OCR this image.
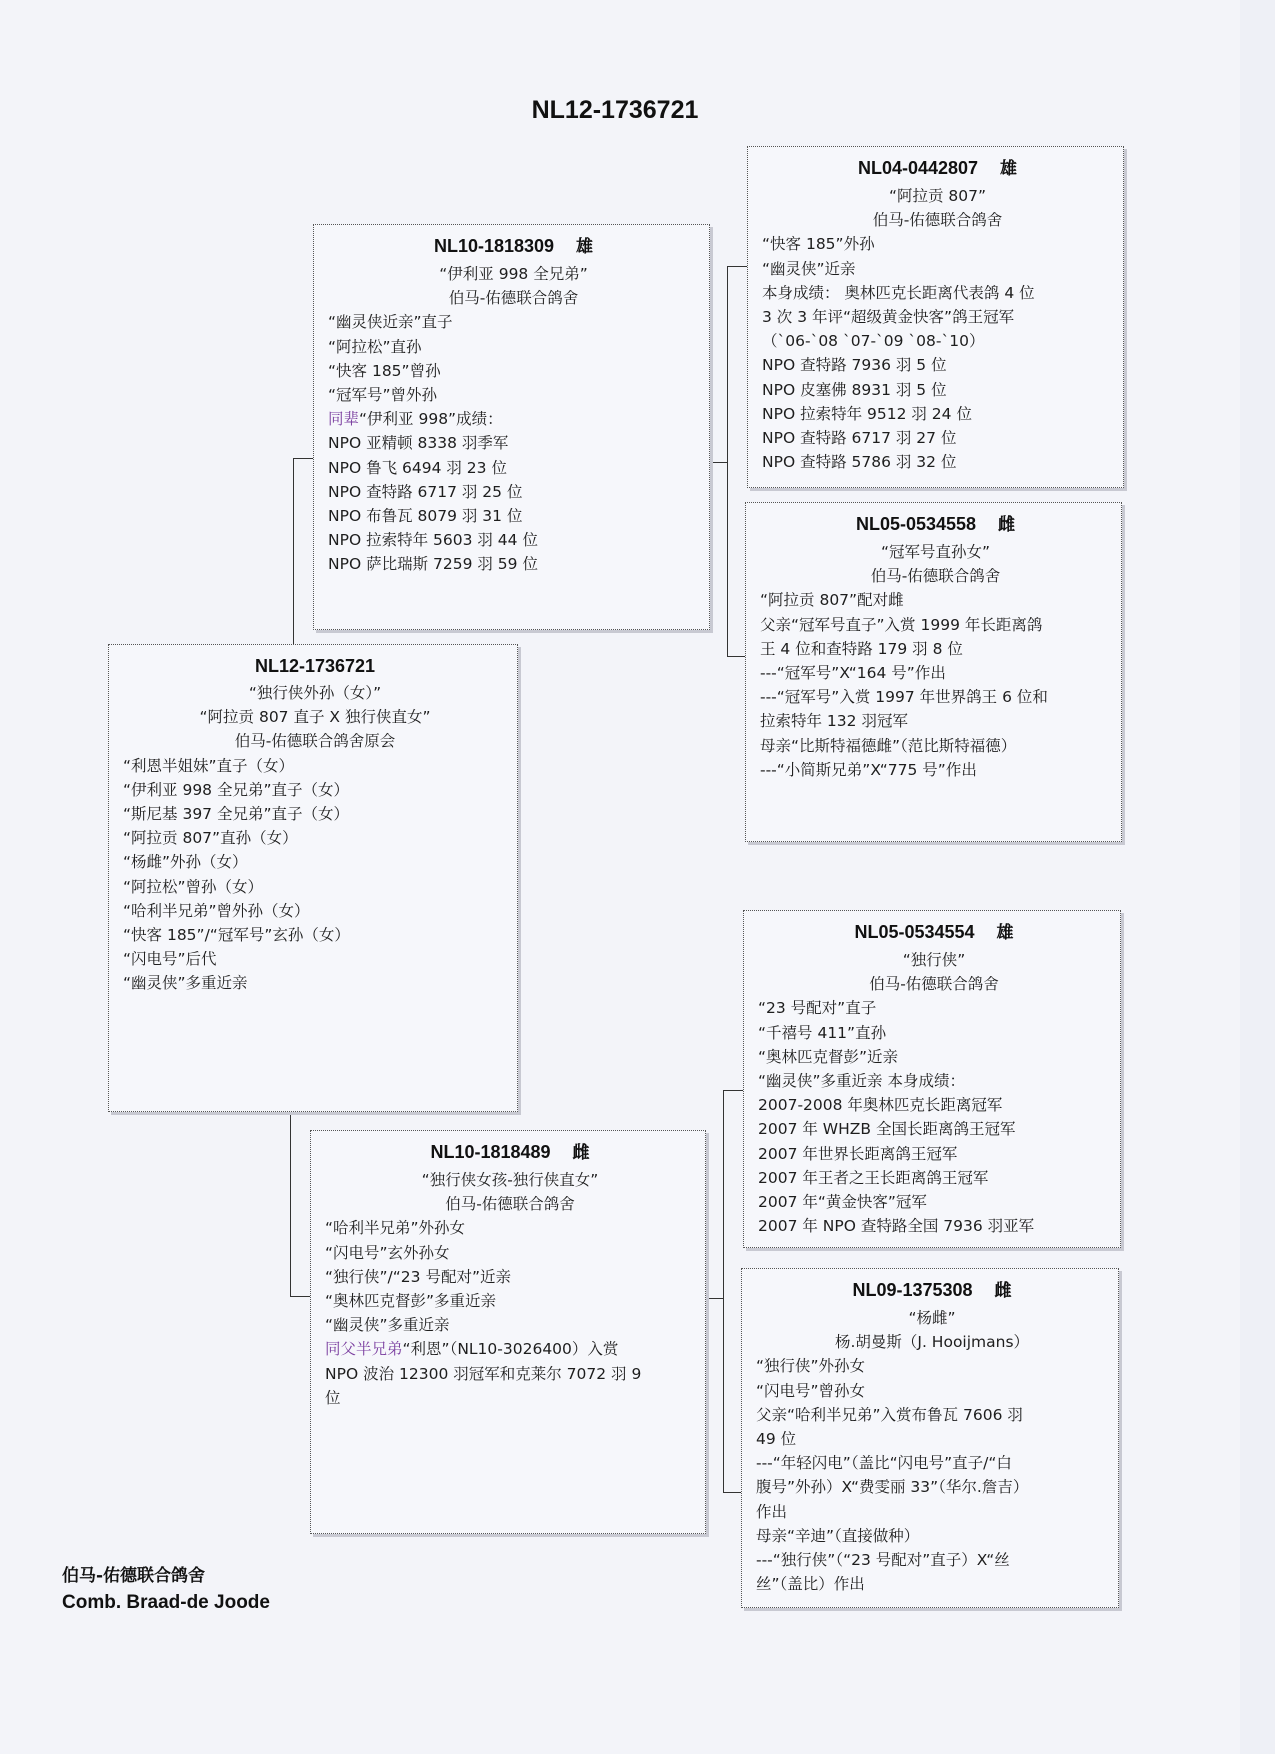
NL12-1736721
NL10-1818309 雄
“伊利亚 998 全兄弟”
伯马-佑德联合鸽舍
“幽灵侠近亲”直子
“阿拉松”直孙
“快客 185”曾孙
“冠军号”曾外孙
同辈“伊利亚 998”成绩：
NPO 亚精顿 8338 羽季军
NPO 鲁飞 6494 羽 23 位
NPO 查特路 6717 羽 25 位
NPO 布鲁瓦 8079 羽 31 位
NPO 拉索特年 5603 羽 44 位
NPO 萨比瑞斯 7259 羽 59 位
NL04-0442807 雄
“阿拉贡 807”
伯马-佑德联合鸽舍
“快客 185”外孙
“幽灵侠”近亲
本身成绩： 奥林匹克长距离代表鸽 4 位
3 次 3 年评“超级黄金快客”鸽王冠军
（`06-`08 `07-`09 `08-`10）
NPO 查特路 7936 羽 5 位
NPO 皮塞佛 8931 羽 5 位
NPO 拉索特年 9512 羽 24 位
NPO 查特路 6717 羽 27 位
NPO 查特路 5786 羽 32 位
NL05-0534558 雌
“冠军号直孙女”
伯马-佑德联合鸽舍
“阿拉贡 807”配对雌
父亲“冠军号直子”入赏 1999 年长距离鸽
王 4 位和查特路 179 羽 8 位
---“冠军号”X“164 号”作出
---“冠军号”入赏 1997 年世界鸽王 6 位和
拉索特年 132 羽冠军
母亲“比斯特福德雌”（范比斯特福德）
---“小简斯兄弟”X“775 号”作出
NL12-1736721
“独行侠外孙（女）”
“阿拉贡 807 直子 X 独行侠直女”
伯马-佑德联合鸽舍原会
“利恩半姐妹”直子（女）
“伊利亚 998 全兄弟”直子（女）
“斯尼基 397 全兄弟”直子（女）
“阿拉贡 807”直孙（女）
“杨雌”外孙（女）
“阿拉松”曾孙（女）
“哈利半兄弟”曾外孙（女）
“快客 185”/“冠军号”玄孙（女）
“闪电号”后代
“幽灵侠”多重近亲
NL05-0534554 雄
“独行侠”
伯马-佑德联合鸽舍
“23 号配对”直子
“千禧号 411”直孙
“奥林匹克督彭”近亲
“幽灵侠”多重近亲 本身成绩：
2007-2008 年奥林匹克长距离冠军
2007 年 WHZB 全国长距离鸽王冠军
2007 年世界长距离鸽王冠军
2007 年王者之王长距离鸽王冠军
2007 年“黄金快客”冠军
2007 年 NPO 查特路全国 7936 羽亚军
NL10-1818489 雌
“独行侠女孩-独行侠直女”
伯马-佑德联合鸽舍
“哈利半兄弟”外孙女
“闪电号”玄外孙女
“独行侠”/“23 号配对”近亲
“奥林匹克督彭”多重近亲
“幽灵侠”多重近亲
同父半兄弟“利恩”（NL10-3026400）入赏
NPO 波治 12300 羽冠军和克莱尔 7072 羽 9
位
NL09-1375308 雌
“杨雌”
杨.胡曼斯（J. Hooijmans）
“独行侠”外孙女
“闪电号”曾孙女
父亲“哈利半兄弟”入赏布鲁瓦 7606 羽
49 位
---“年轻闪电”（盖比“闪电号”直子/“白
腹号”外孙）X“费雯丽 33”（华尔.詹吉）
作出
母亲“辛迪”（直接做种）
---“独行侠”（“23 号配对”直子）X“丝
丝”（盖比）作出
伯马-佑德联合鸽舍
Comb. Braad-de Joode
